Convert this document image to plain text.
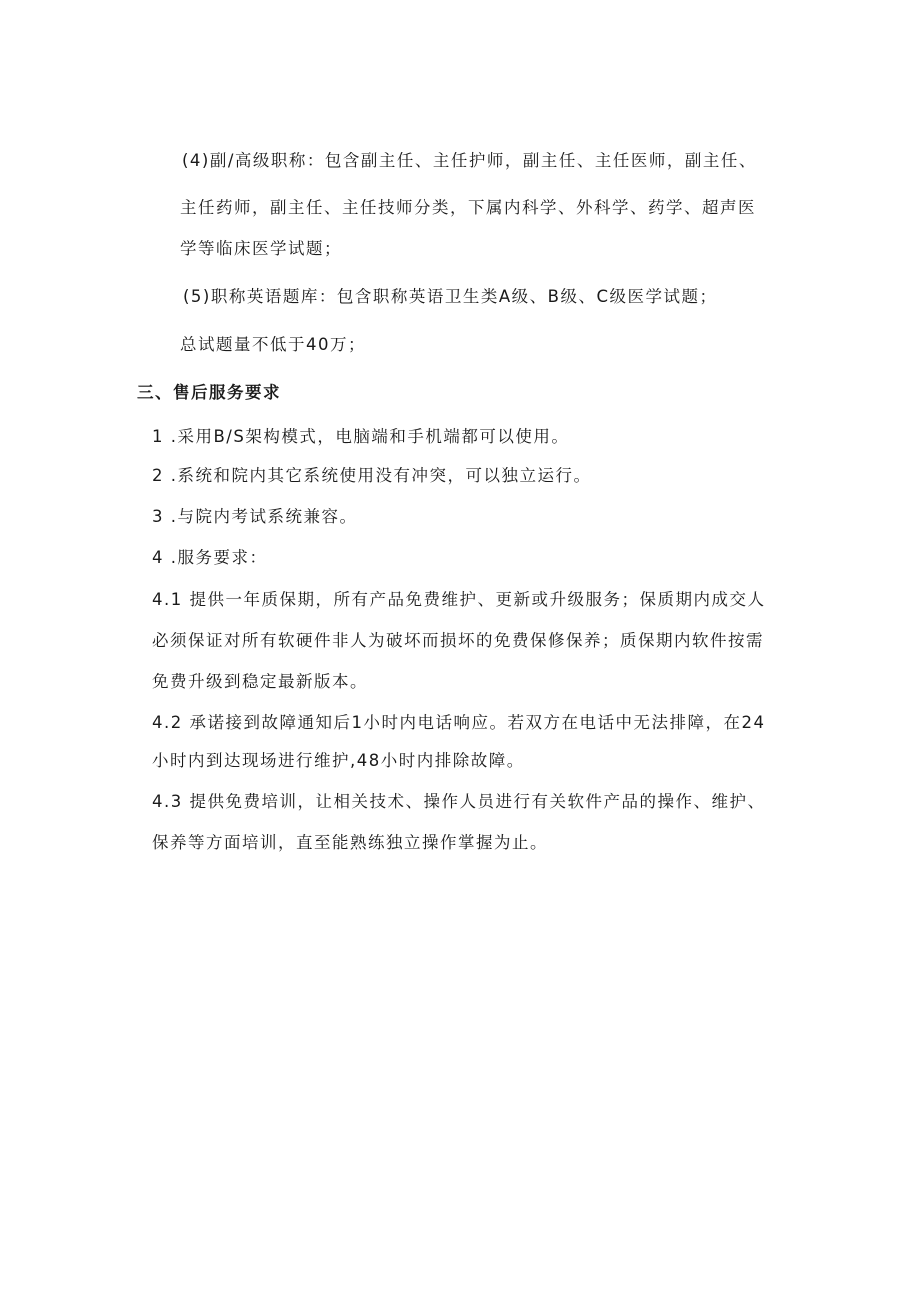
(4)副/高级职称：包含副主任、主任护师，副主任、主任医师，副主任、
主任药师，副主任、主任技师分类，下属内科学、外科学、药学、超声医
学等临床医学试题；
(5)职称英语题库：包含职称英语卫生类A级、B级、C级医学试题；
总试题量不低于40万；
三、售后服务要求
1 .采用B/S架构模式，电脑端和手机端都可以使用。
2 .系统和院内其它系统使用没有冲突，可以独立运行。
3 .与院内考试系统兼容。
4 .服务要求：
4.1 提供一年质保期，所有产品免费维护、更新或升级服务；保质期内成交人
必须保证对所有软硬件非人为破坏而损坏的免费保修保养；质保期内软件按需
免费升级到稳定最新版本。
4.2 承诺接到故障通知后1小时内电话响应。若双方在电话中无法排障，在24
小时内到达现场进行维护,48小时内排除故障。
4.3 提供免费培训，让相关技术、操作人员进行有关软件产品的操作、维护、
保养等方面培训，直至能熟练独立操作掌握为止。
